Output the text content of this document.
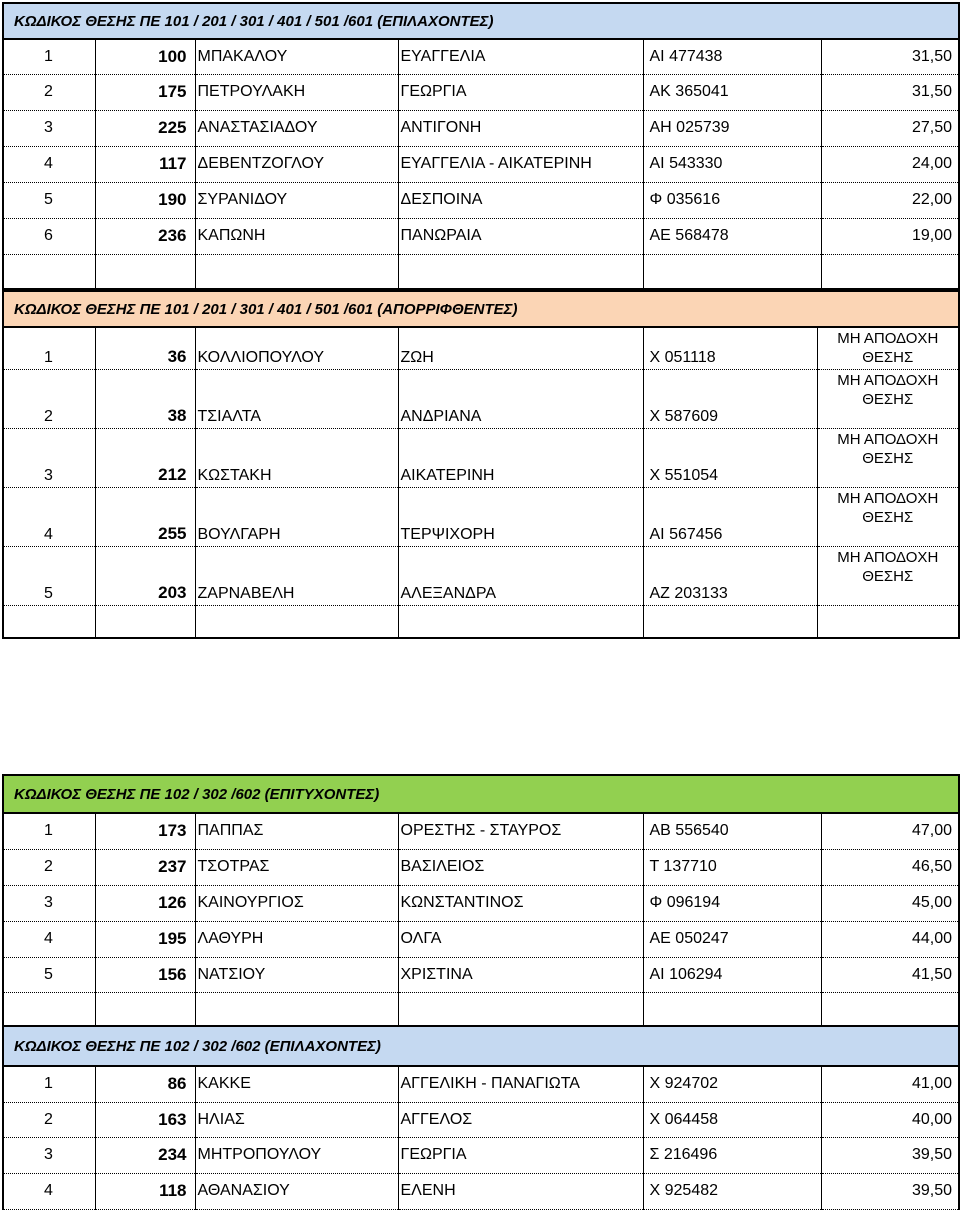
ΚΩΔΙΚΟΣ ΘΕΣΗΣ ΠΕ 101 / 201 / 301 / 401 / 501 /601 (ΕΠΙΛΑΧΟΝΤΕΣ)					
1	100	ΜΠΑΚΑΛΟΥ	ΕΥΑΓΓΕΛΙΑ	ΑΙ 477438	31,50
2	175	ΠΕΤΡΟΥΛΑΚΗ	ΓΕΩΡΓΙΑ	ΑΚ 365041	31,50
3	225	ΑΝΑΣΤΑΣΙΑΔΟΥ	ΑΝΤΙΓΟΝΗ	ΑΗ 025739	27,50
4	117	ΔΕΒΕΝΤΖΟΓΛΟΥ	ΕΥΑΓΓΕΛΙΑ - ΑΙΚΑΤΕΡΙΝΗ	ΑΙ 543330	24,00
5	190	ΣΥΡΑΝΙΔΟΥ	ΔΕΣΠΟΙΝΑ	Φ 035616	22,00
6	236	ΚΑΠΩΝΗ	ΠΑΝΩΡΑΙΑ	ΑΕ 568478	19,00

ΚΩΔΙΚΟΣ ΘΕΣΗΣ ΠΕ 101 / 201 / 301 / 401 / 501 /601 (ΑΠΟΡΡΙΦΘΕΝΤΕΣ)					
1	36	ΚΟΛΛΙΟΠΟΥΛΟΥ	ΖΩΗ	Χ 051118	ΜΗ ΑΠΟΔΟΧΗ
ΘΕΣΗΣ
2	38	ΤΣΙΑΛΤΑ	ΑΝΔΡΙΑΝΑ	Χ 587609	ΜΗ ΑΠΟΔΟΧΗ
ΘΕΣΗΣ
3	212	ΚΩΣΤΑΚΗ	ΑΙΚΑΤΕΡΙΝΗ	Χ 551054	ΜΗ ΑΠΟΔΟΧΗ
ΘΕΣΗΣ
4	255	ΒΟΥΛΓΑΡΗ	ΤΕΡΨΙΧΟΡΗ	ΑΙ 567456	ΜΗ ΑΠΟΔΟΧΗ
ΘΕΣΗΣ
5	203	ΖΑΡΝΑΒΕΛΗ	ΑΛΕΞΑΝΔΡΑ	ΑΖ 203133	ΜΗ ΑΠΟΔΟΧΗ
ΘΕΣΗΣ

ΚΩΔΙΚΟΣ ΘΕΣΗΣ ΠΕ 102 / 302 /602 (ΕΠΙΤΥΧΟΝΤΕΣ)					
1	173	ΠΑΠΠΑΣ	ΟΡΕΣΤΗΣ - ΣΤΑΥΡΟΣ	ΑΒ 556540	47,00
2	237	ΤΣΟΤΡΑΣ	ΒΑΣΙΛΕΙΟΣ	Τ 137710	46,50
3	126	ΚΑΙΝΟΥΡΓΙΟΣ	ΚΩΝΣΤΑΝΤΙΝΟΣ	Φ 096194	45,00
4	195	ΛΑΘΥΡΗ	ΟΛΓΑ	ΑΕ 050247	44,00
5	156	ΝΑΤΣΙΟΥ	ΧΡΙΣΤΙΝΑ	ΑΙ 106294	41,50

ΚΩΔΙΚΟΣ ΘΕΣΗΣ ΠΕ 102 / 302 /602 (ΕΠΙΛΑΧΟΝΤΕΣ)					
1	86	ΚΑΚΚΕ	ΑΓΓΕΛΙΚΗ - ΠΑΝΑΓΙΩΤΑ	Χ 924702	41,00
2	163	ΗΛΙΑΣ	ΑΓΓΕΛΟΣ	Χ 064458	40,00
3	234	ΜΗΤΡΟΠΟΥΛΟΥ	ΓΕΩΡΓΙΑ	Σ 216496	39,50
4	118	ΑΘΑΝΑΣΙΟΥ	ΕΛΕΝΗ	Χ 925482	39,50
